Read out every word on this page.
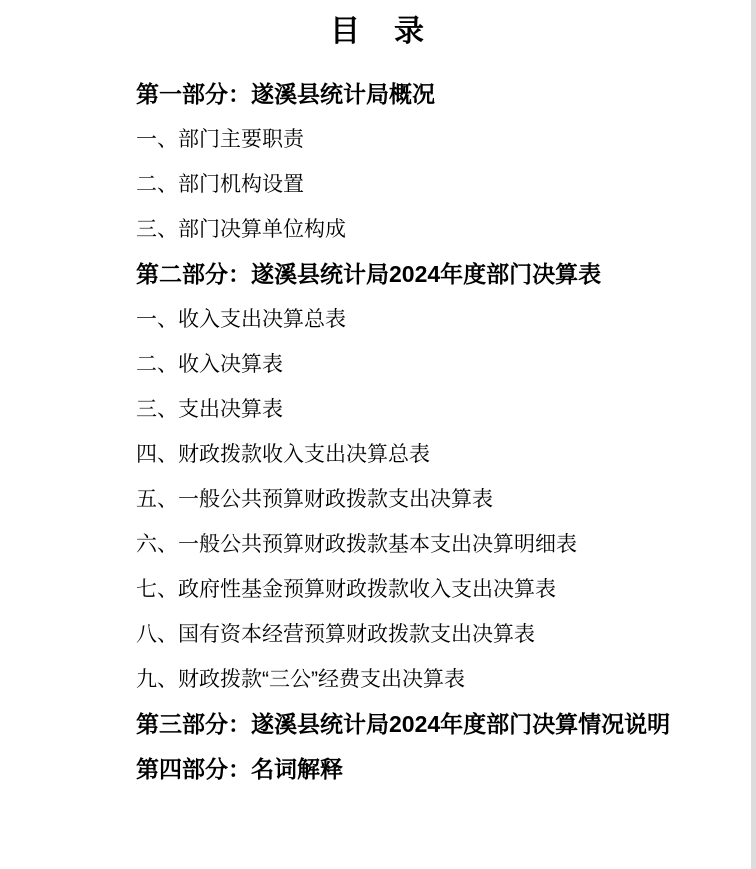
目　录
第一部分：遂溪县统计局概况
一、部门主要职责
二、部门机构设置
三、部门决算单位构成
第二部分：遂溪县统计局2024年度部门决算表
一、收入支出决算总表
二、收入决算表
三、支出决算表
四、财政拨款收入支出决算总表
五、一般公共预算财政拨款支出决算表
六、一般公共预算财政拨款基本支出决算明细表
七、政府性基金预算财政拨款收入支出决算表
八、国有资本经营预算财政拨款支出决算表
九、财政拨款“三公”经费支出决算表
第三部分：遂溪县统计局2024年度部门决算情况说明
第四部分：名词解释
